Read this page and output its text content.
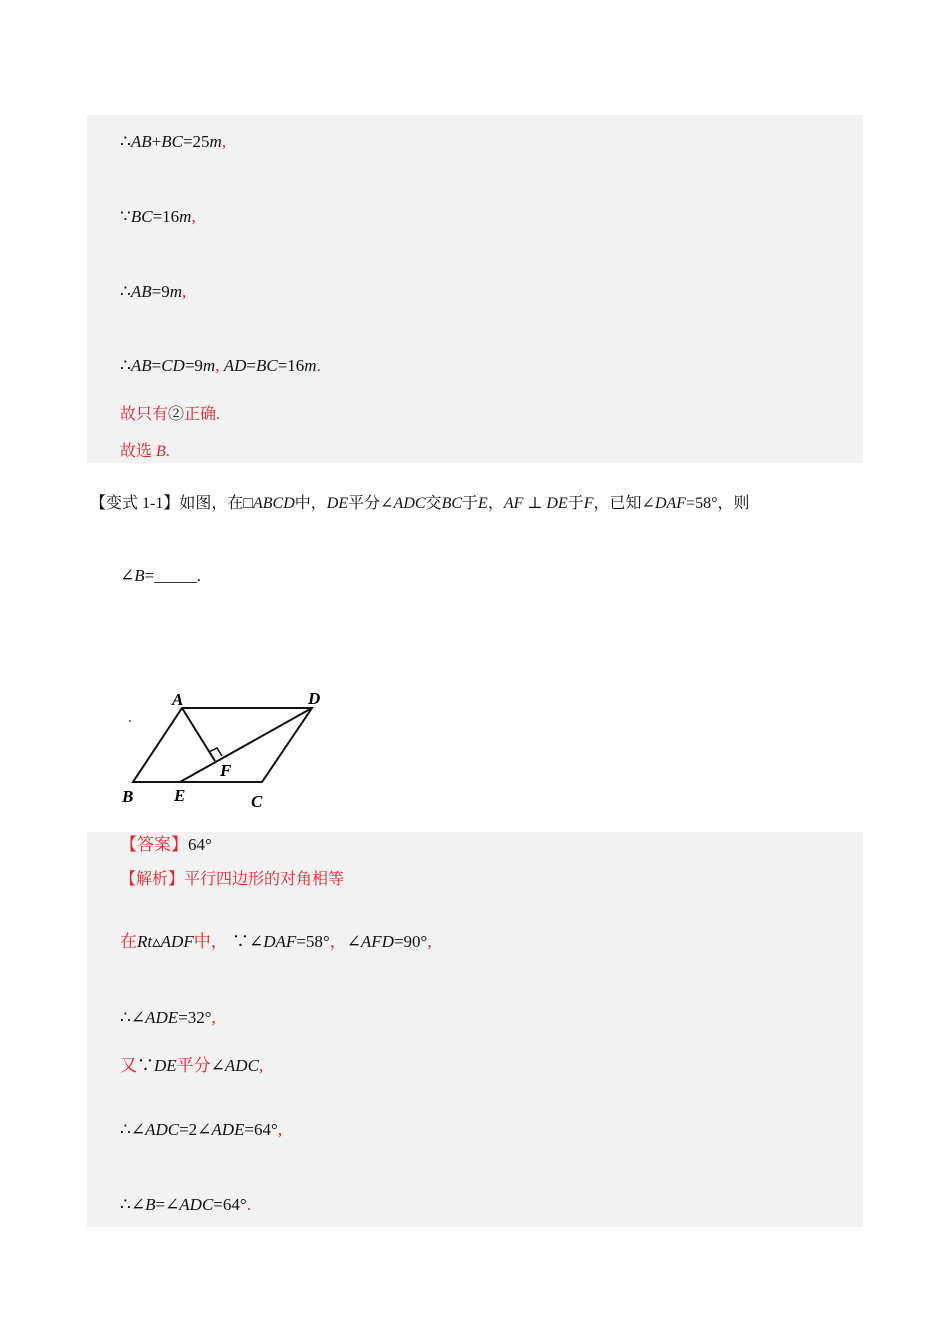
∴AB+BC=25m,
∵BC=16m,
∴AB=9m,
∴AB=CD=9m, AD=BC=16m.
故只有②正确.
故选 B.
【变式 1-1】如图，在□ABCD中，DE平分∠ADC交BC于E，AF ⊥ DE于F，已知∠DAF=58°，则
∠B=_____.
A	D
B E	C
F
【答案】64°
【解析】平行四边形的对角相等
在Rt▵ADF中， ∵∠DAF=58°，∠AFD=90°,
∴∠ADE=32°,
又∵DE平分∠ADC,
∴∠ADC=2∠ADE=64°,
∴∠B=∠ADC=64°.
